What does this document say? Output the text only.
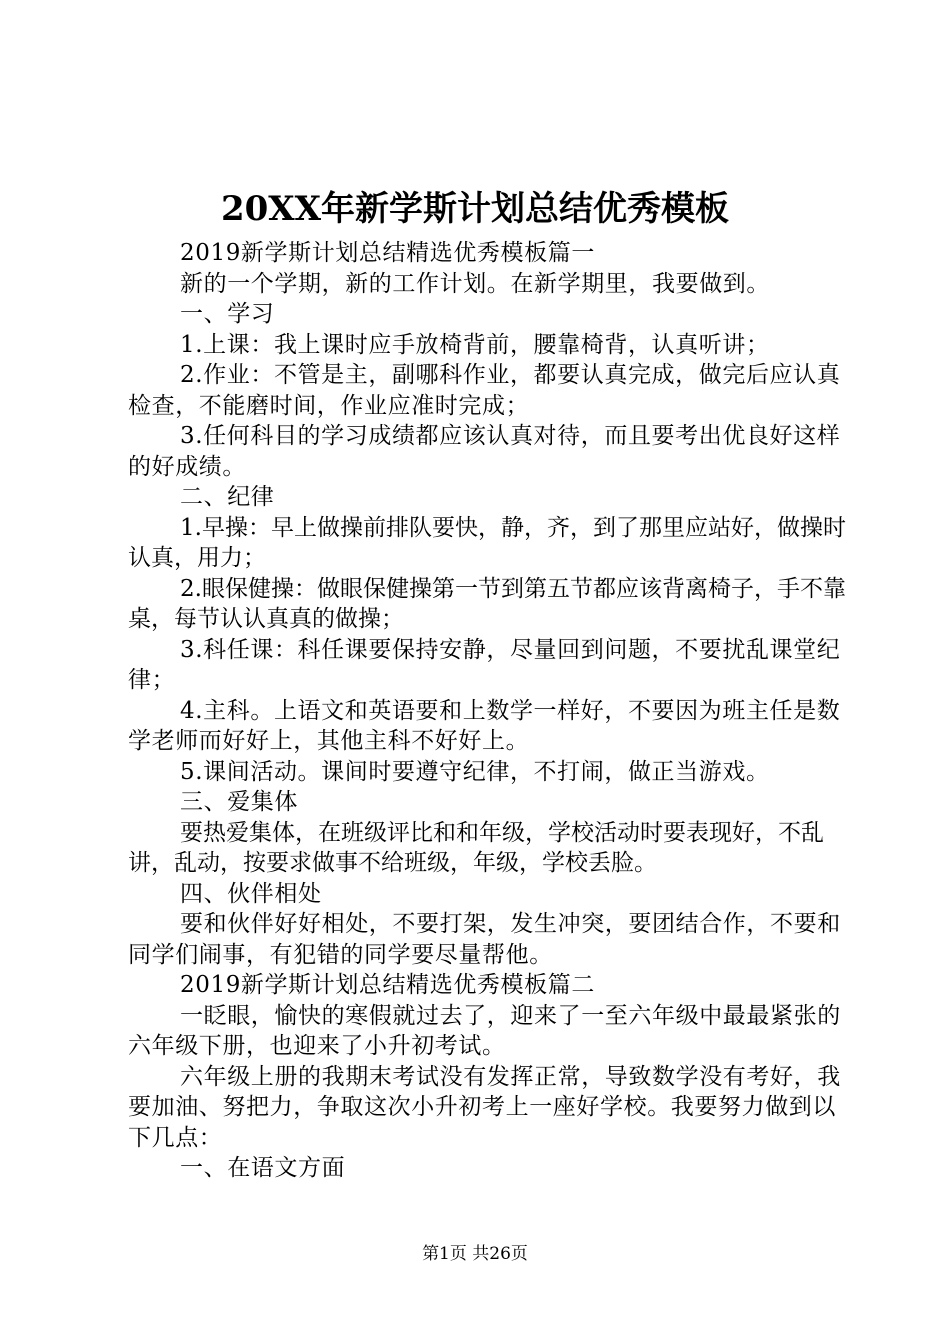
20XX年新学斯计划总结优秀模板

2019新学斯计划总结精选优秀模板篇一

新的一个学期，新的工作计划。在新学期里，我要做到。

一、学习

1.上课：我上课时应手放椅背前，腰靠椅背，认真听讲；

2.作业：不管是主，副哪科作业，都要认真完成，做完后应认真检查，不能磨时间，作业应准时完成；

3.任何科目的学习成绩都应该认真对待，而且要考出优良好这样的好成绩。

二、纪律

1.早操：早上做操前排队要快，静，齐，到了那里应站好，做操时认真，用力；

2.眼保健操：做眼保健操第一节到第五节都应该背离椅子，手不靠桌，每节认认真真的做操；

3.科任课：科任课要保持安静，尽量回到问题，不要扰乱课堂纪律；

4.主科。上语文和英语要和上数学一样好，不要因为班主任是数学老师而好好上，其他主科不好好上。

5.课间活动。课间时要遵守纪律，不打闹，做正当游戏。

三、爱集体

要热爱集体，在班级评比和和年级，学校活动时要表现好，不乱讲，乱动，按要求做事不给班级，年级，学校丢脸。

四、伙伴相处

要和伙伴好好相处，不要打架，发生冲突，要团结合作，不要和同学们闹事，有犯错的同学要尽量帮他。

2019新学斯计划总结精选优秀模板篇二

一眨眼，愉快的寒假就过去了，迎来了一至六年级中最最紧张的六年级下册，也迎来了小升初考试。

六年级上册的我期末考试没有发挥正常，导致数学没有考好，我要加油、努把力，争取这次小升初考上一座好学校。我要努力做到以下几点：

一、在语文方面

第1页 共26页
